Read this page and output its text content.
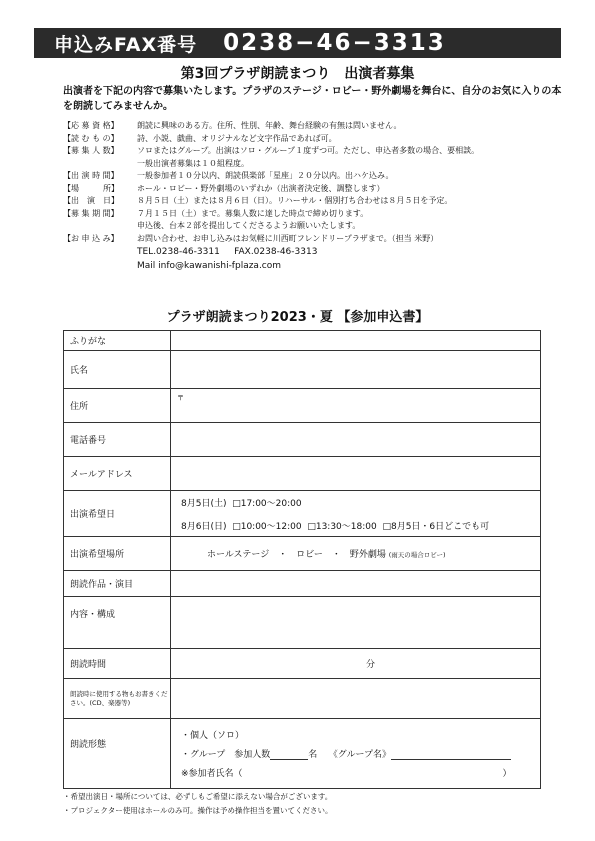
申込みFAX番号 0238−46−3313
第3回プラザ朗読まつり　出演者募集
出演者を下記の内容で募集いたします。プラザのステージ・ロビー・野外劇場を舞台に、自分のお気に入りの本を朗読してみませんか。
【応 募 資 格】	朗読に興味のある方。住所、性別、年齢、舞台経験の有無は問いません。
【読 む も の】	詩、小説、戯曲、オリジナルなど文字作品であれば可。
【募 集 人 数】	ソロまたはグループ。出演はソロ・グループ１度ずつ可。ただし、申込者多数の場合、要相談。
一般出演者募集は１０組程度。
【出 演 時 間】	一般参加者１０分以内、朗読倶楽部「星座」２０分以内。出ハケ込み。
【場　　　所】	ホール・ロビー・野外劇場のいずれか（出演者決定後、調整します）
【出　演　日】	８月５日（土）または８月６日（日）。リハーサル・個別打ち合わせは８月５日を予定。
【募 集 期 間】	７月１５日（土）まで。募集人数に達した時点で締め切ります。
申込後、台本２部を提出してくださるようお願いいたします。
【お 申 込 み】	お問い合わせ、お申し込みはお気軽に川西町フレンドリープラザまで。（担当 米野）
TEL.0238-46-3311 FAX.0238-46-3313
Mail info@kawanishi-fplaza.com
プラザ朗読まつり2023・夏 【参加申込書】
ふりがな	

氏名	

住所	〒

電話番号	

メールアドレス	

出演希望日	8月5日(土) □17:00〜20:00
8月6日(日) □10:00〜12:00 □13:30〜18:00 □8月5日・6日どこでも可

出演希望場所	ホールステージ　・　ロビー　・　野外劇場 (雨天の場合ロビー)

朗読作品・演目	

内容・構成	

朗読時間	分

朗読時に使用する物もお書きください。(CD、楽器等)	

朗読形態	・個人（ソロ）
・グループ　参加人数 名 《グループ名》
※参加者氏名（ ）
・希望出演日・場所については、必ずしもご希望に添えない場合がございます。
・プロジェクター使用はホールのみ可。操作は予め操作担当を置いてください。
